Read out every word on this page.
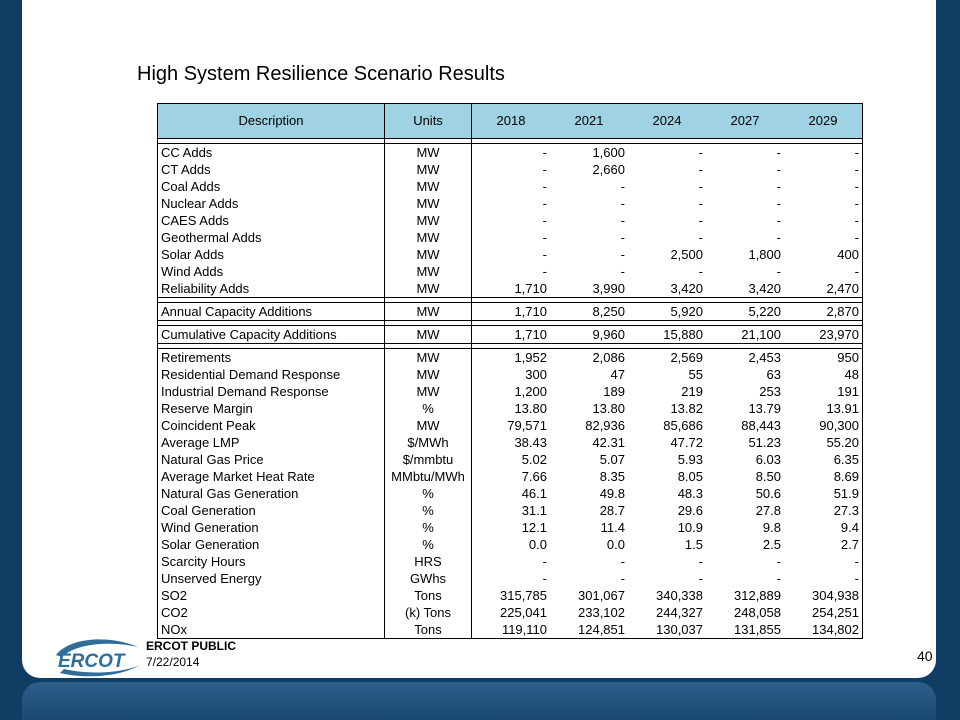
High System Resilience Scenario Results
Description	Units	2018	2021	2024	2027	2029

CC Adds	MW	-	1,600	-	-	-
CT Adds	MW	-	2,660	-	-	-
Coal Adds	MW	-	-	-	-	-
Nuclear Adds	MW	-	-	-	-	-
CAES Adds	MW	-	-	-	-	-
Geothermal Adds	MW	-	-	-	-	-
Solar Adds	MW	-	-	2,500	1,800	400
Wind Adds	MW	-	-	-	-	-
Reliability Adds	MW	1,710	3,990	3,420	3,420	2,470

Annual Capacity Additions	MW	1,710	8,250	5,920	5,220	2,870

Cumulative Capacity Additions	MW	1,710	9,960	15,880	21,100	23,970

Retirements	MW	1,952	2,086	2,569	2,453	950
Residential Demand Response	MW	300	47	55	63	48
Industrial Demand Response	MW	1,200	189	219	253	191
Reserve Margin	%	13.80	13.80	13.82	13.79	13.91
Coincident Peak	MW	79,571	82,936	85,686	88,443	90,300
Average LMP	$/MWh	38.43	42.31	47.72	51.23	55.20
Natural Gas Price	$/mmbtu	5.02	5.07	5.93	6.03	6.35
Average Market Heat Rate	MMbtu/MWh	7.66	8.35	8.05	8.50	8.69
Natural Gas Generation	%	46.1	49.8	48.3	50.6	51.9
Coal Generation	%	31.1	28.7	29.6	27.8	27.3
Wind Generation	%	12.1	11.4	10.9	9.8	9.4
Solar Generation	%	0.0	0.0	1.5	2.5	2.7
Scarcity Hours	HRS	-	-	-	-	-
Unserved Energy	GWhs	-	-	-	-	-
SO2	Tons	315,785	301,067	340,338	312,889	304,938
CO2	(k) Tons	225,041	233,102	244,327	248,058	254,251
NOx	Tons	119,110	124,851	130,037	131,855	134,802
ERCOT
ERCOT PUBLIC
7/22/2014	40
